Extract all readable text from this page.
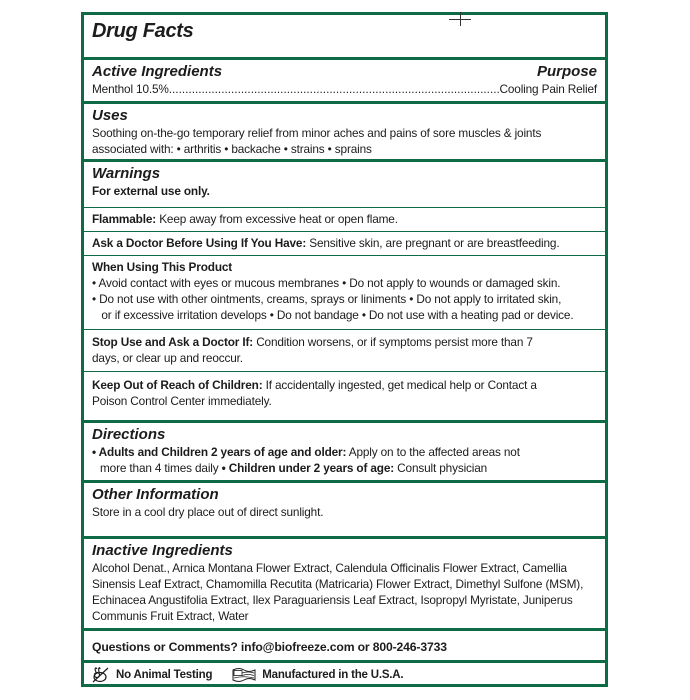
Drug Facts
Active Ingredients	Purpose
Menthol 10.5%
.....	Cooling Pain Relief
Uses
Soothing on-the-go temporary relief from minor aches and pains of sore muscles & joints
associated with: • arthritis • backache • strains • sprains
Warnings
For external use only.
Flammable: Keep away from excessive heat or open flame.
Ask a Doctor Before Using If You Have: Sensitive skin, are pregnant or are breastfeeding.
When Using This Product
• Avoid contact with eyes or mucous membranes • Do not apply to wounds or damaged skin.
• Do not use with other ointments, creams, sprays or liniments • Do not apply to irritated skin,
or if excessive irritation develops • Do not bandage • Do not use with a heating pad or device.
Stop Use and Ask a Doctor If: Condition worsens, or if symptoms persist more than 7
days, or clear up and reoccur.
Keep Out of Reach of Children: If accidentally ingested, get medical help or Contact a
Poison Control Center immediately.
Directions
• Adults and Children 2 years of age and older: Apply on to the affected areas not
more than 4 times daily • Children under 2 years of age: Consult physician
Other Information
Store in a cool dry place out of direct sunlight.
Inactive Ingredients
Alcohol Denat., Arnica Montana Flower Extract, Calendula Officinalis Flower Extract, Camellia
Sinensis Leaf Extract, Chamomilla Recutita (Matricaria) Flower Extract, Dimethyl Sulfone (MSM),
Echinacea Angustifolia Extract, Ilex Paraguariensis Leaf Extract, Isopropyl Myristate, Juniperus
Communis Fruit Extract, Water
Questions or Comments? info@biofreeze.com or 800-246-3733
No Animal Testing	Manufactured in the U.S.A.
